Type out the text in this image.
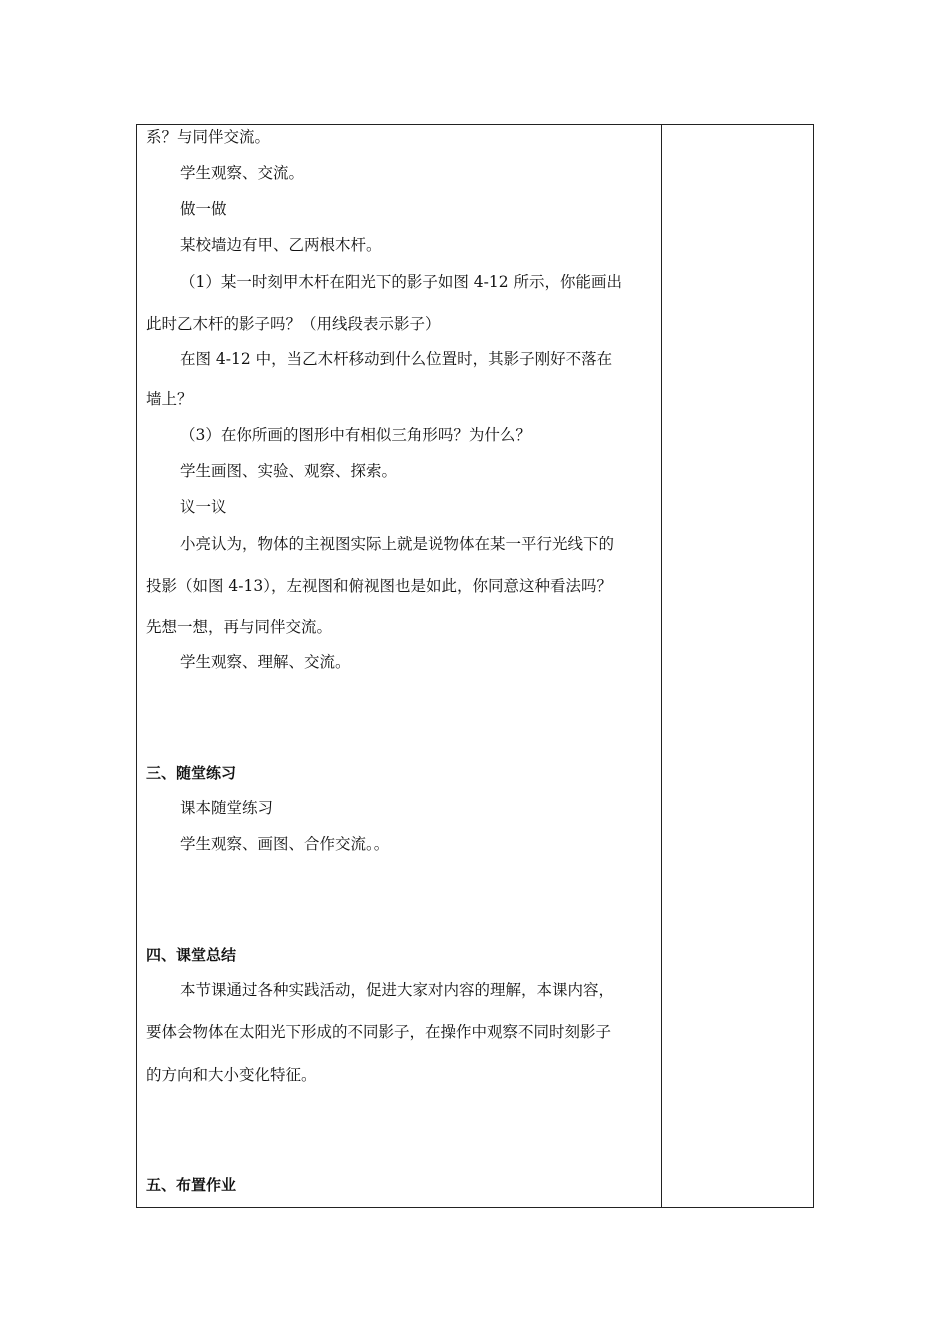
系？与同伴交流。
学生观察、交流。
做一做
某校墙边有甲、乙两根木杆。
（1）某一时刻甲木杆在阳光下的影子如图 4-12 所示，你能画出
此时乙木杆的影子吗？（用线段表示影子）
在图 4-12 中，当乙木杆移动到什么位置时，其影子刚好不落在
墙上？
（3）在你所画的图形中有相似三角形吗？为什么？
学生画图、实验、观察、探索。
议一议
小亮认为，物体的主视图实际上就是说物体在某一平行光线下的
投影（如图 4-13），左视图和俯视图也是如此，你同意这种看法吗？
先想一想，再与同伴交流。
学生观察、理解、交流。
三、随堂练习
课本随堂练习
学生观察、画图、合作交流。。
四、课堂总结
本节课通过各种实践活动，促进大家对内容的理解，本课内容，
要体会物体在太阳光下形成的不同影子，在操作中观察不同时刻影子
的方向和大小变化特征。
五、布置作业
